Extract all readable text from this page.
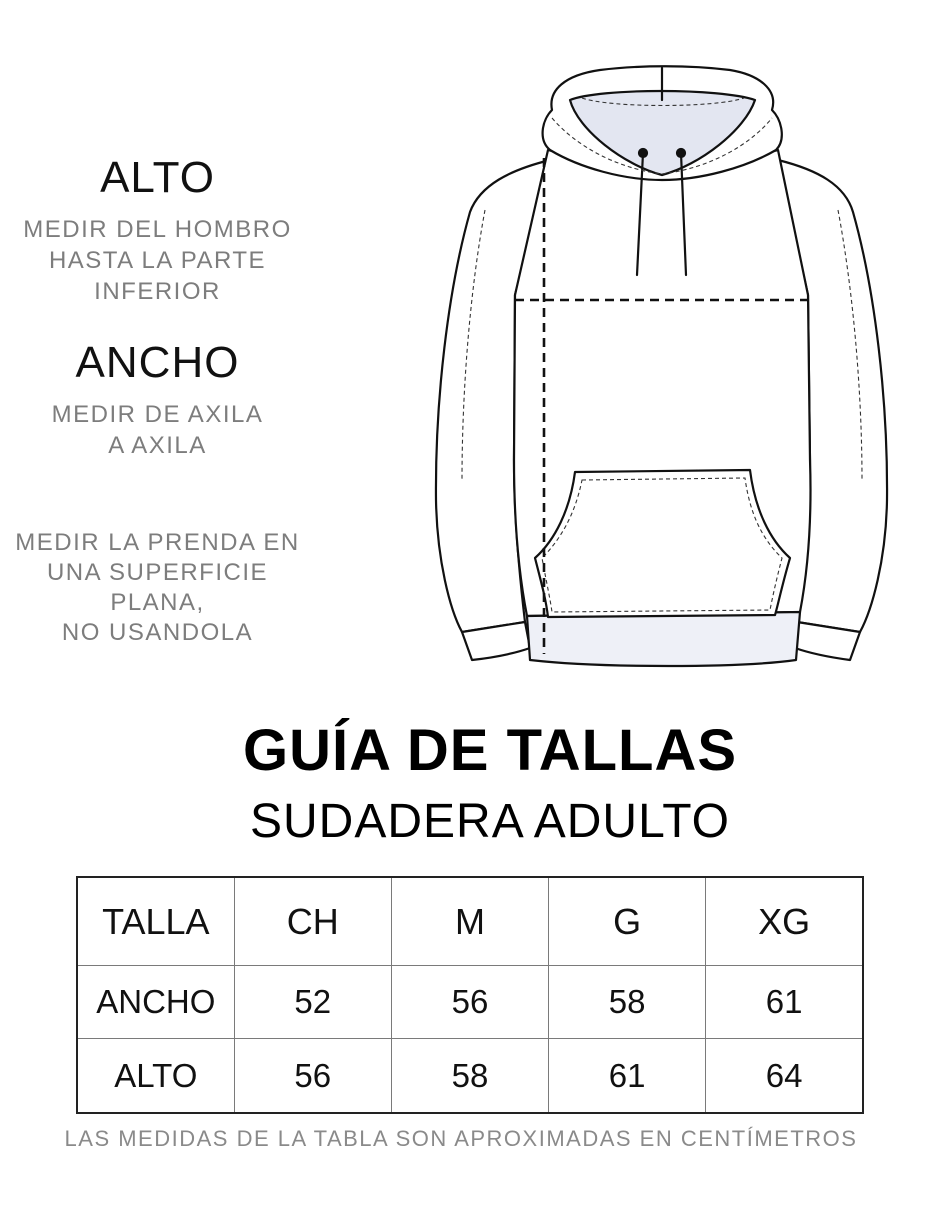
ALTO
MEDIR DEL HOMBRO
HASTA LA PARTE
INFERIOR
ANCHO
MEDIR DE AXILA
A AXILA
MEDIR LA PRENDA EN
UNA SUPERFICIE PLANA,
NO USANDOLA
GUÍA DE TALLAS
SUDADERA ADULTO
TALLA	CH	M	G	XG
ANCHO	52	56	58	61
ALTO	56	58	61	64
LAS MEDIDAS DE LA TABLA SON APROXIMADAS EN CENTÍMETROS
